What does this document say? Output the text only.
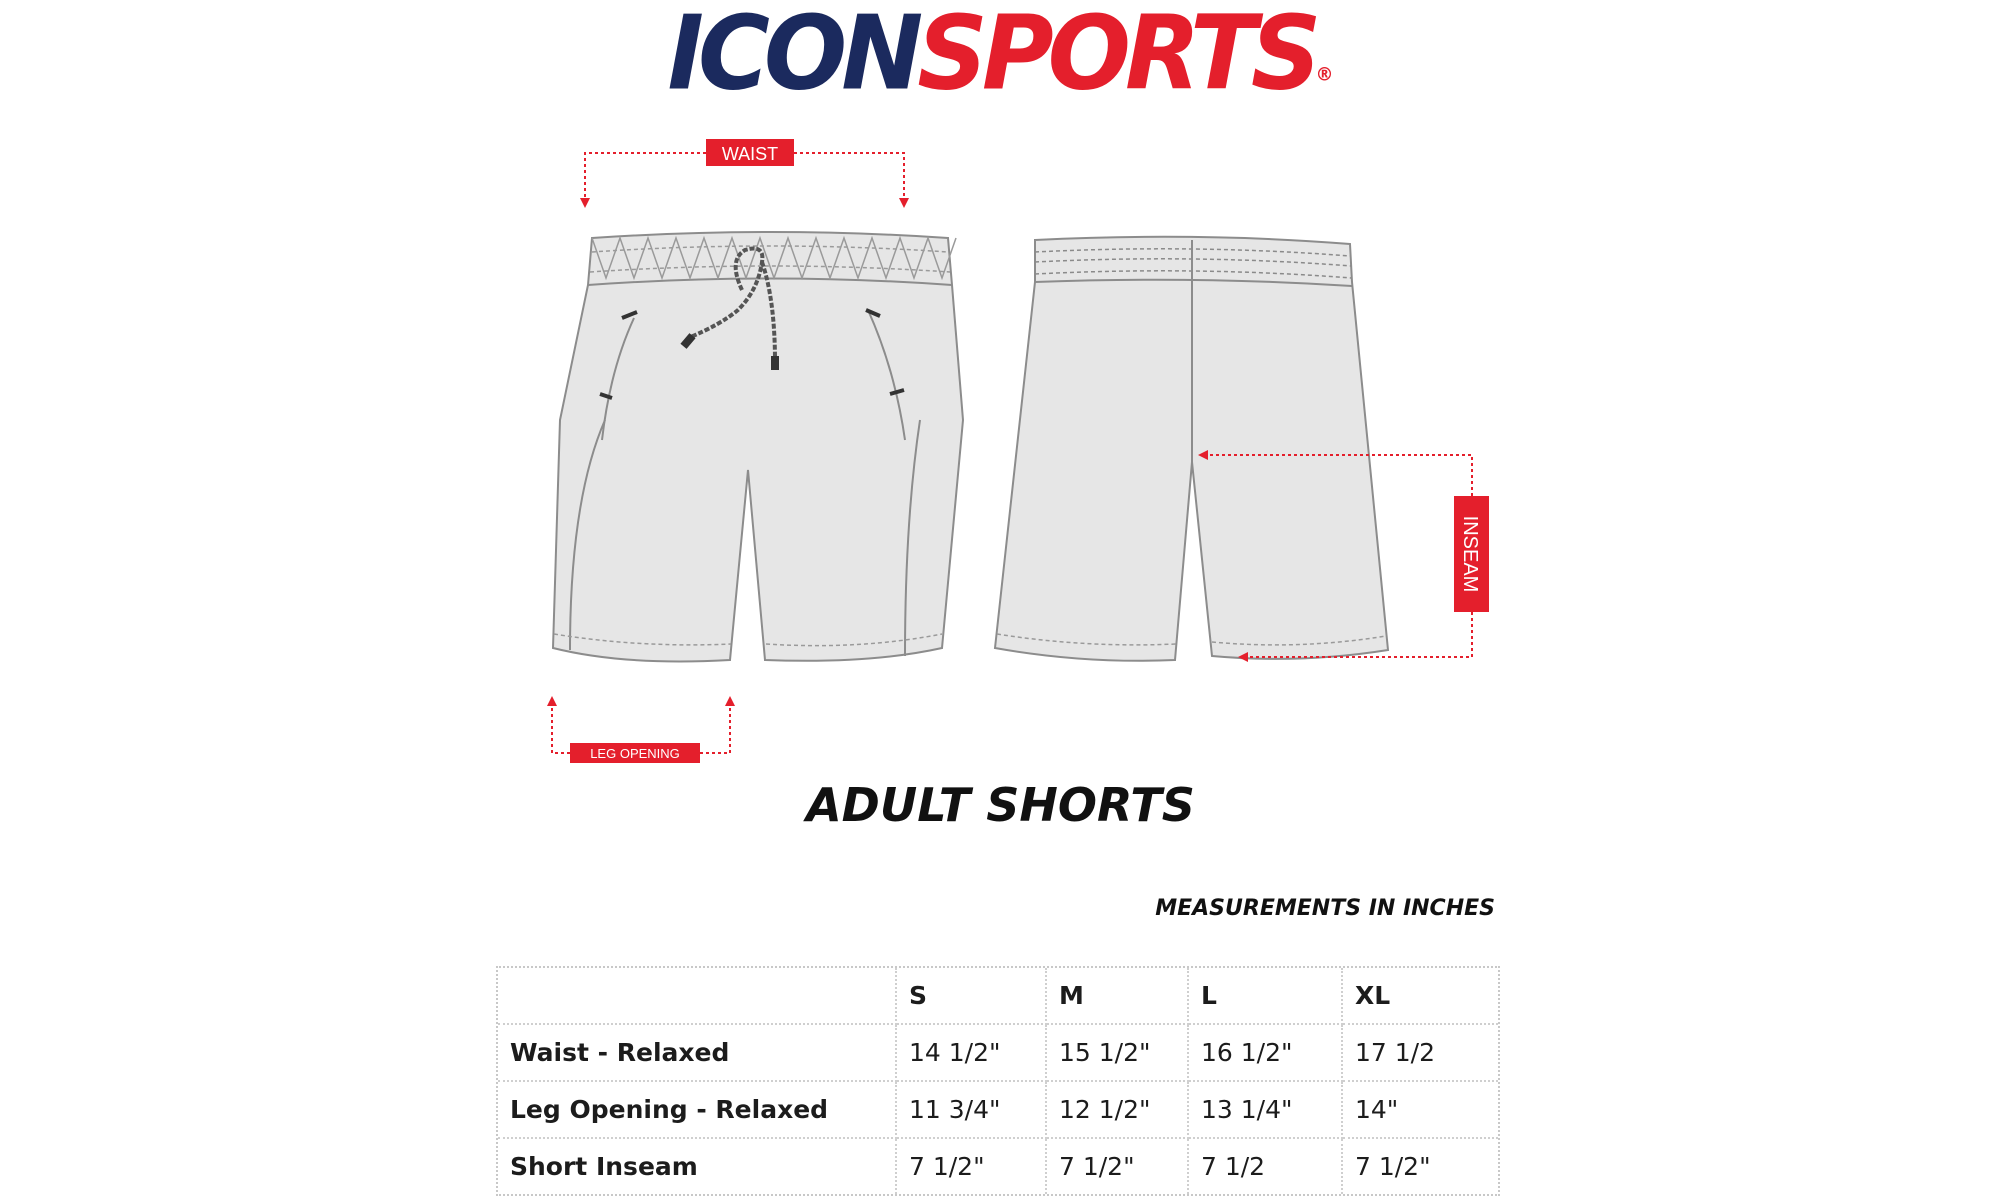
ICONSPORTS®
WAIST
LEG OPENING
INSEAM
ADULT SHORTS
MEASUREMENTS IN INCHES
	S	M	L	XL
Waist - Relaxed	14 1/2"	15 1/2"	16 1/2"	17 1/2
Leg Opening - Relaxed	11 3/4"	12 1/2"	13 1/4"	14"
Short Inseam	7 1/2"	7 1/2"	7 1/2	7 1/2"
